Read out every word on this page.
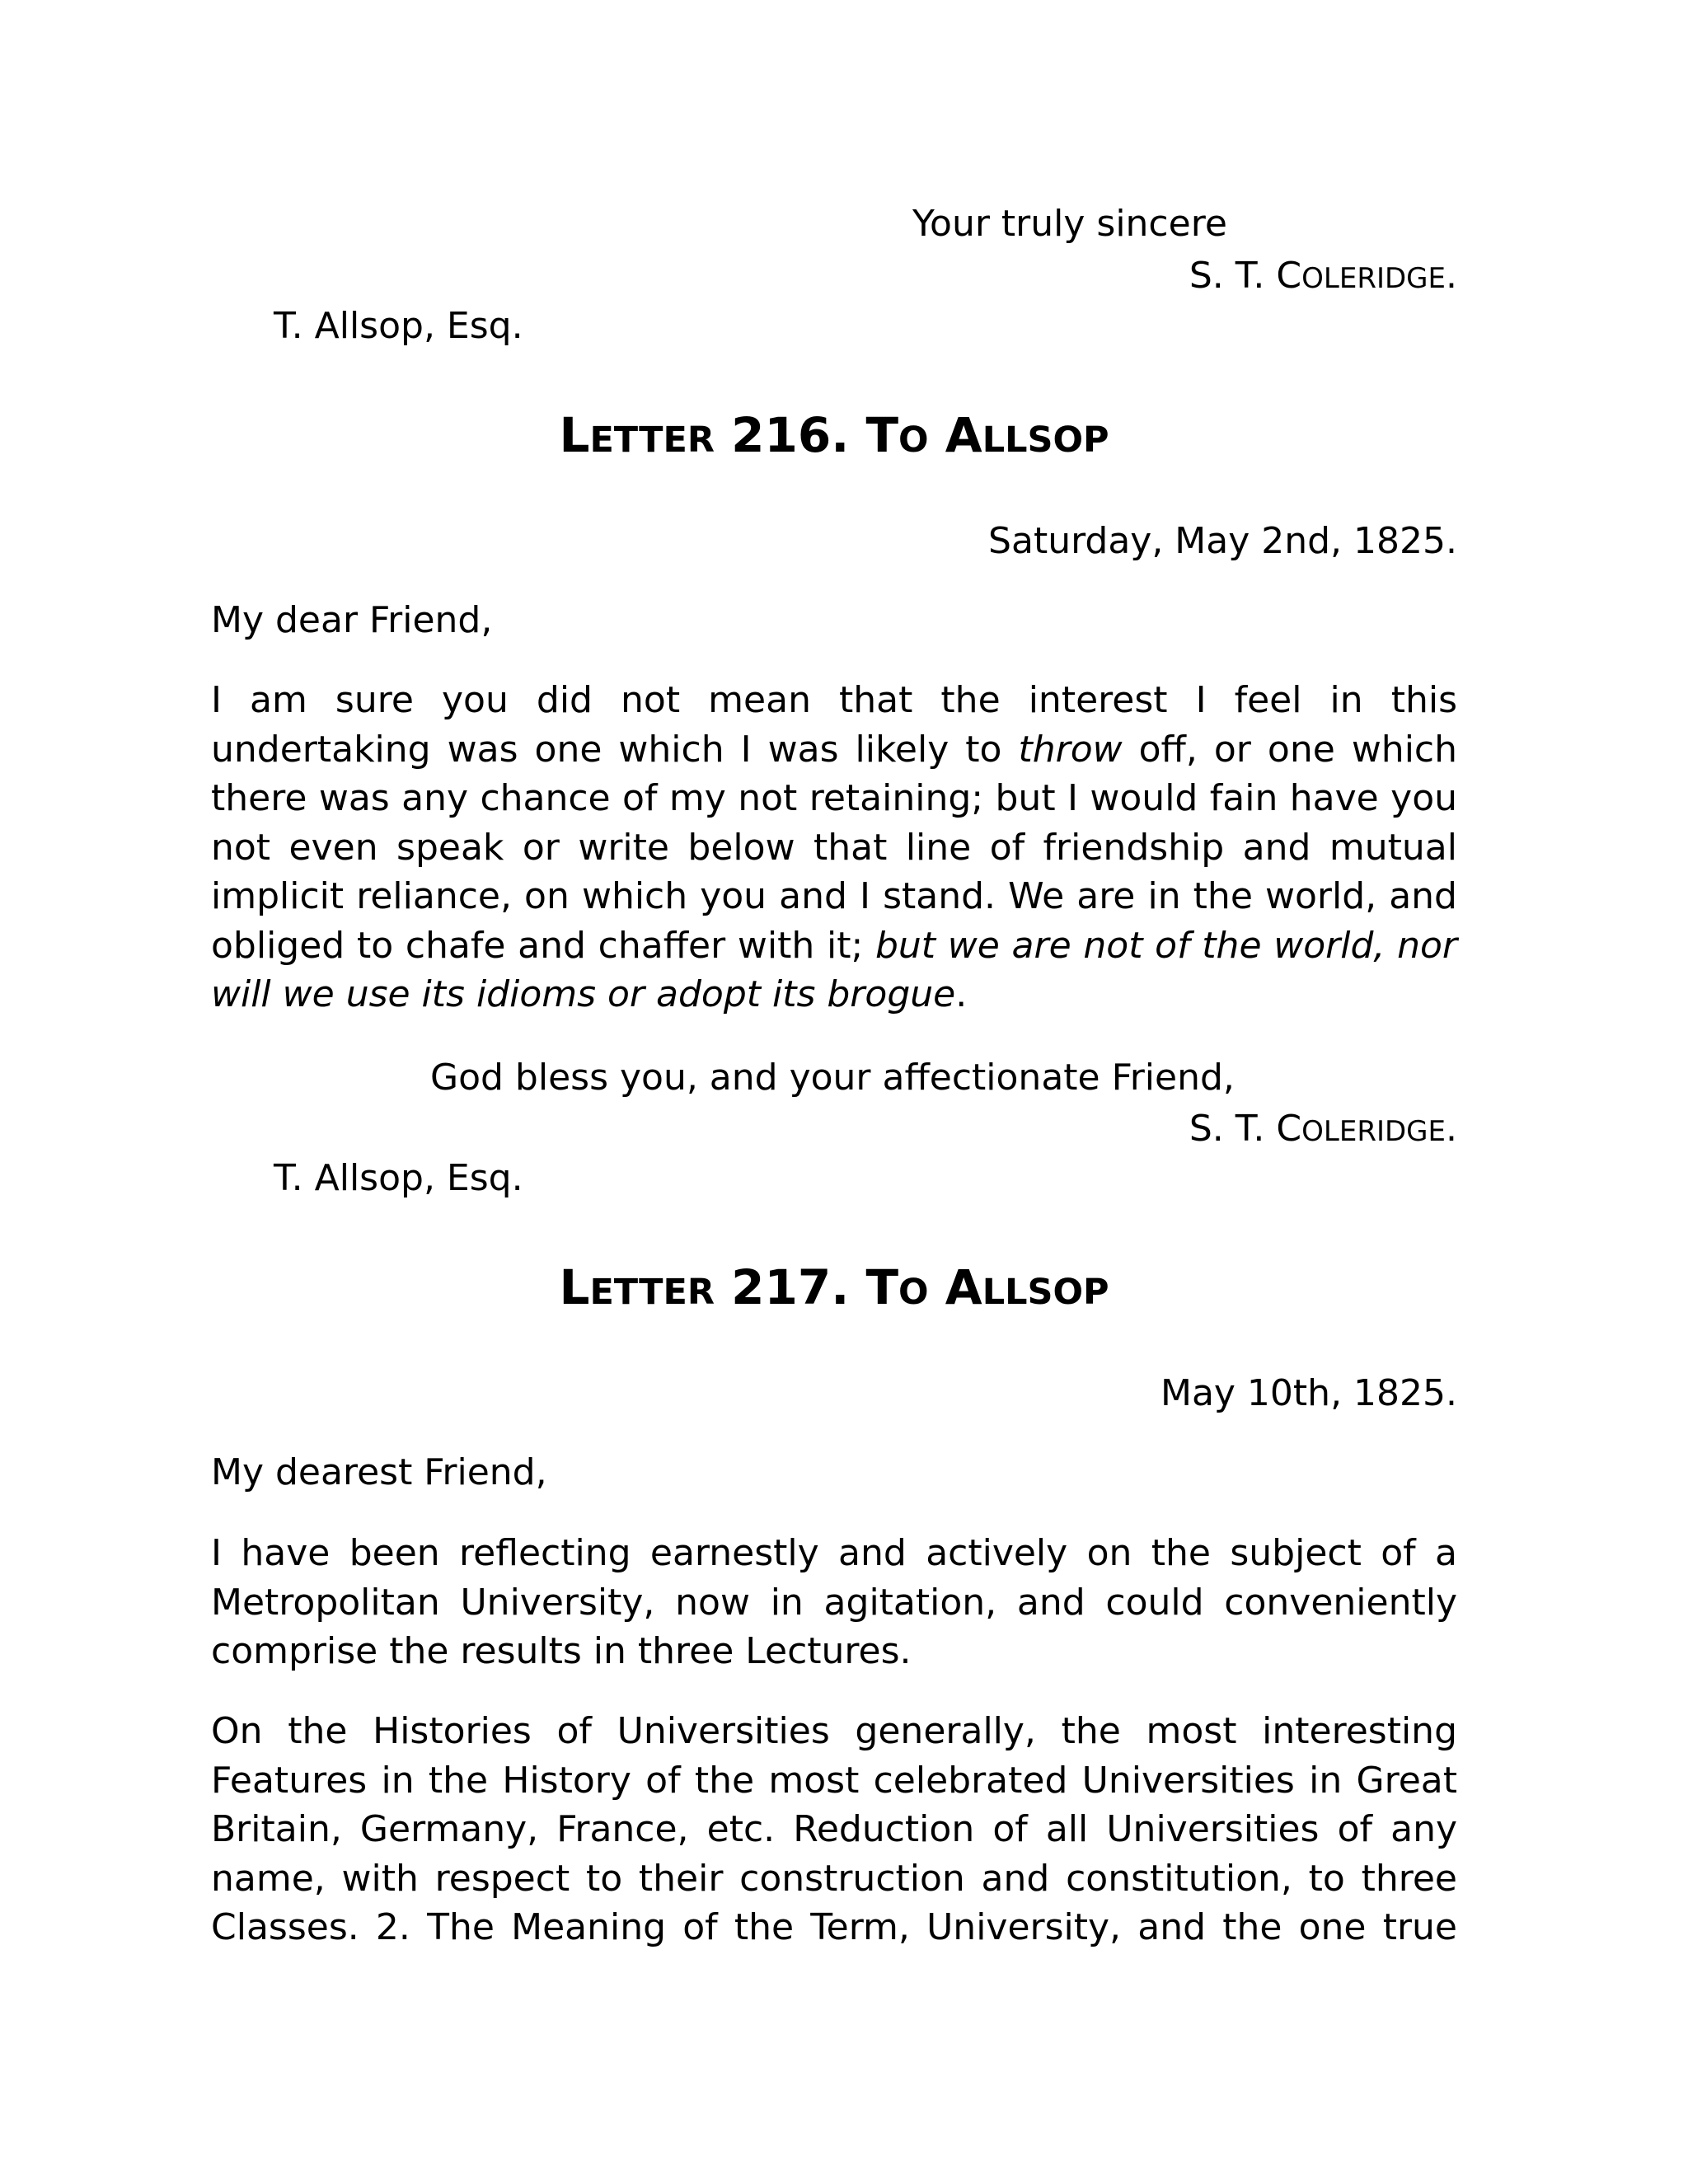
Your truly sincere
S. T. COLERIDGE.
T. Allsop, Esq.
LETTER 216. TO ALLSOP
Saturday, May 2nd, 1825.
My dear Friend,
I am sure you did not mean that the interest I feel in this undertaking was one which I was likely to throw off, or one which there was any chance of my not retaining; but I would fain have you not even speak or write below that line of friendship and mutual implicit reliance, on which you and I stand. We are in the world, and obliged to chafe and chaffer with it; but we are not of the world, nor will we use its idioms or adopt its brogue.
God bless you, and your affectionate Friend,
S. T. COLERIDGE.
T. Allsop, Esq.
LETTER 217. TO ALLSOP
May 10th, 1825.
My dearest Friend,
I have been reflecting earnestly and actively on the subject of a Metropolitan University, now in agitation, and could conveniently comprise the results in three Lectures.
On the Histories of Universities generally, the most interesting Features in the History of the most celebrated Universities in Great Britain, Germany, France, etc. Reduction of all Universities of any name, with respect to their construction and constitution, to three Classes. 2. The Meaning of the Term, University, and the one true
